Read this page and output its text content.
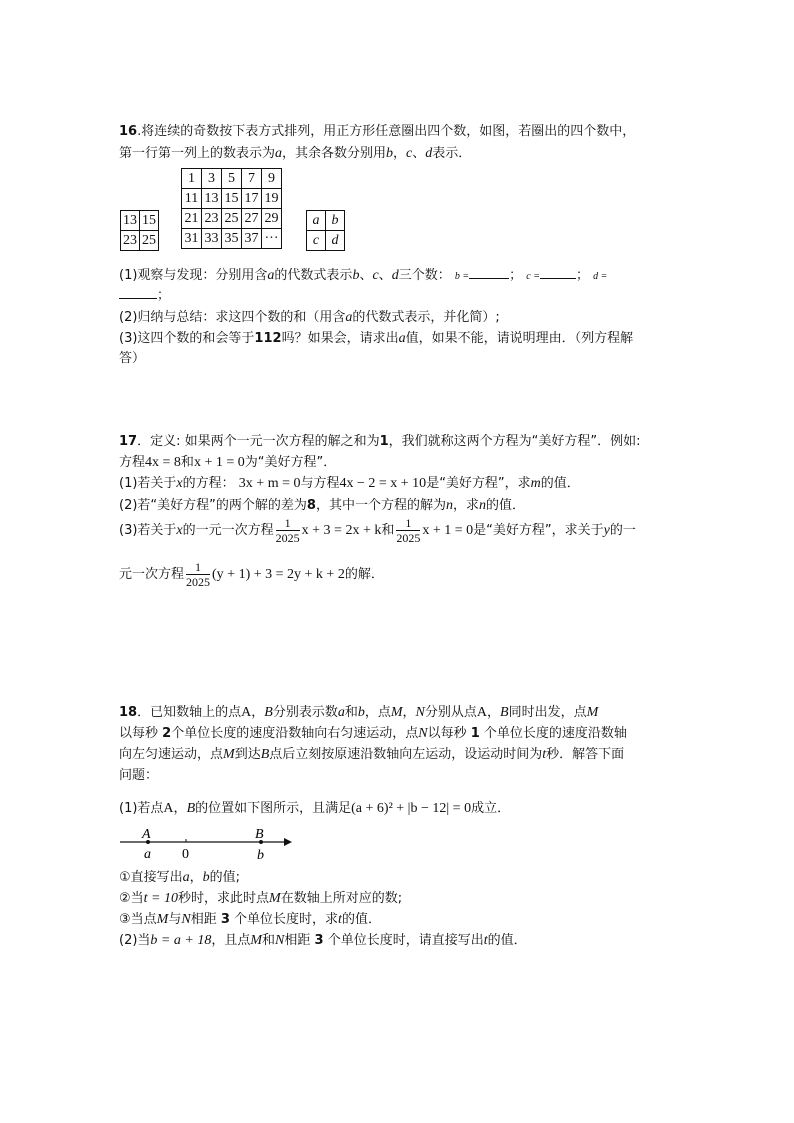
16.将连续的奇数按下表方式排列，用正方形任意圈出四个数，如图，若圈出的四个数中，
第一行第一列上的数表示为a，其余各数分别用b，c、d表示．
13	15
23	25
1	3	5	7	9
11	13	15	17	19
21	23	25	27	29
31	33	35	37	···
a	b
c	d
(1)观察与发现：分别用含a的代数式表示b、c、d三个数： b =	； c =	； d =
；
(2)归纳与总结：求这四个数的和（用含a的代数式表示，并化简）;
(3)这四个数的和会等于112吗？如果会，请求出a值，如果不能，请说明理由．（列方程解
答）
17．定义: 如果两个一元一次方程的解之和为1，我们就称这两个方程为“美好方程”．例如:
方程4x = 8和x + 1 = 0为“美好方程”．
(1)若关于x的方程： 3x + m = 0与方程4x − 2 = x + 10是“美好方程”，求m的值．
(2)若“美好方程”的两个解的差为8，其中一个方程的解为n，求n的值．
(3)若关于x的一元一次方程 $\frac{1}{2025}$ x + 3 = 2x + k和 $\frac{1}{2025}$ x + 1 = 0是“美好方程”，求关于y的一
元一次方程 $\frac{1}{2025} (y + 1) + 3 = 2y + k + 2$的解．
18．已知数轴上的点A，B分别表示数a和b，点M，N分别从点A，B同时出发，点M
以每秒 2个单位长度的速度沿数轴向右匀速运动，点N以每秒 1 个单位长度的速度沿数轴
向左匀速运动，点M到达B点后立刻按原速沿数轴向左运动，设运动时间为t秒．解答下面
问题：
(1)若点A，B的位置如下图所示，且满足(a + 6)² + |b − 12| = 0成立．
A
a 0
B
b
①直接写出a，b的值;
②当t = 10秒时，求此时点M在数轴上所对应的数;
③当点M与N相距 3 个单位长度时，求t的值．
(2)当b = a + 18，且点M和N相距 3 个单位长度时，请直接写出t的值．
